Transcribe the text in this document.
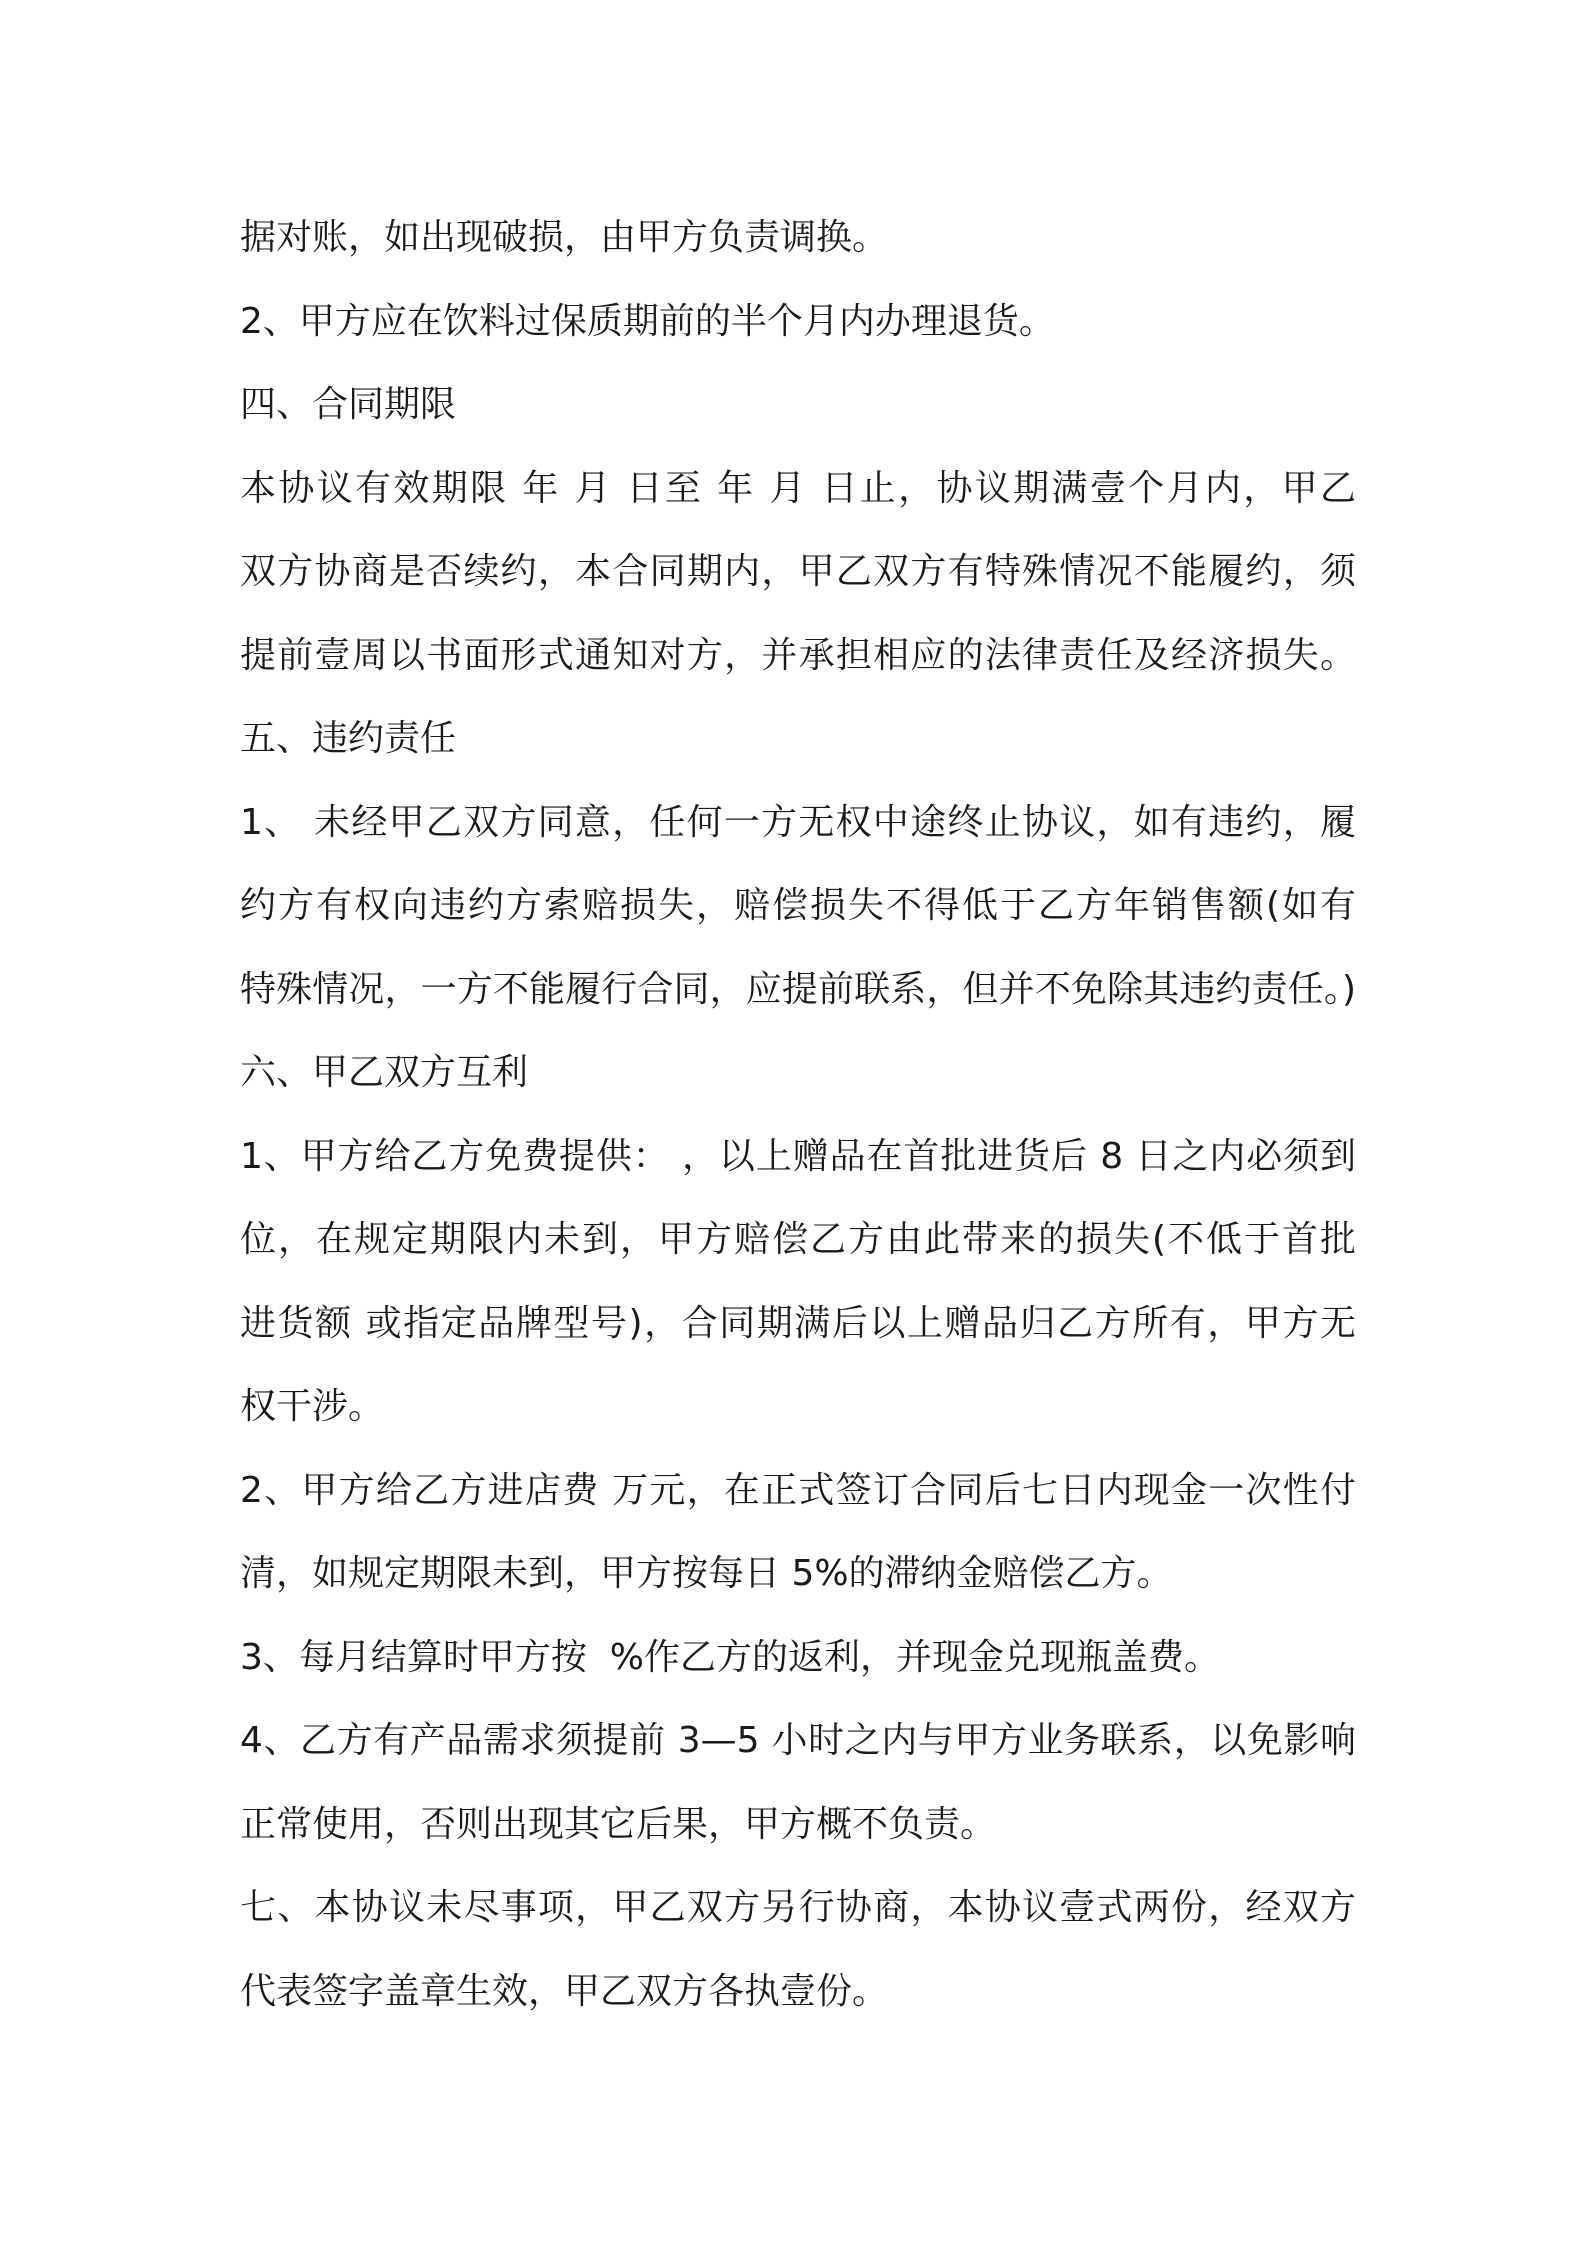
据对账，如出现破损，由甲方负责调换。
2、甲方应在饮料过保质期前的半个月内办理退货。
四、合同期限
本协议有效期限 年 月 日至 年 月 日止，协议期满壹个月内，甲乙
双方协商是否续约，本合同期内，甲乙双方有特殊情况不能履约，须
提前壹周以书面形式通知对方，并承担相应的法律责任及经济损失。
五、违约责任
1、 未经甲乙双方同意，任何一方无权中途终止协议，如有违约，履
约方有权向违约方索赔损失，赔偿损失不得低于乙方年销售额(如有
特殊情况，一方不能履行合同，应提前联系，但并不免除其违约责任。)
六、甲乙双方互利
1、甲方给乙方免费提供： ，以上赠品在首批进货后 8 日之内必须到
位，在规定期限内未到，甲方赔偿乙方由此带来的损失(不低于首批
进货额 或指定品牌型号)，合同期满后以上赠品归乙方所有，甲方无
权干涉。
2、甲方给乙方进店费 万元，在正式签订合同后七日内现金一次性付
清，如规定期限未到，甲方按每日 5%的滞纳金赔偿乙方。
3、每月结算时甲方按  %作乙方的返利，并现金兑现瓶盖费。
4、乙方有产品需求须提前 3—5 小时之内与甲方业务联系，以免影响
正常使用，否则出现其它后果，甲方概不负责。
七、本协议未尽事项，甲乙双方另行协商，本协议壹式两份，经双方
代表签字盖章生效，甲乙双方各执壹份。
